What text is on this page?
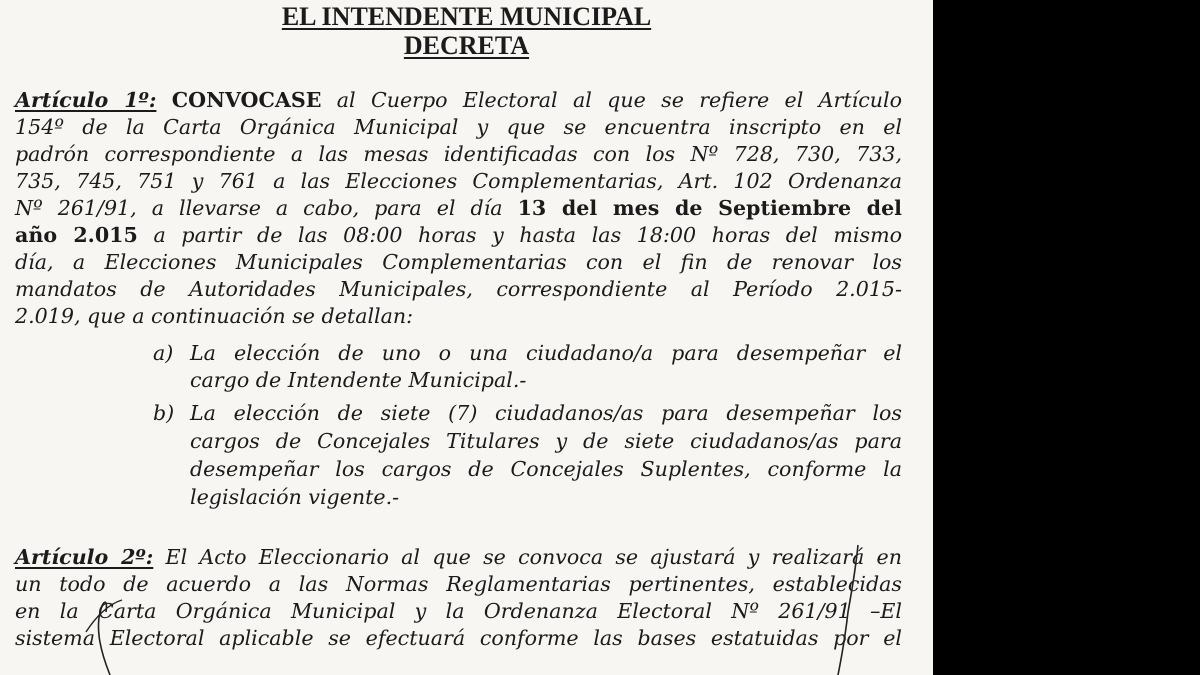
EL INTENDENTE MUNICIPAL
DECRETA
Artículo 1º: CONVOCASE al Cuerpo Electoral al que se refiere el Artículo
154º de la Carta Orgánica Municipal y que se encuentra inscripto en el
padrón correspondiente a las mesas identificadas con los Nº 728, 730, 733,
735, 745, 751 y 761 a las Elecciones Complementarias, Art. 102 Ordenanza
Nº 261/91, a llevarse a cabo, para el día 13 del mes de Septiembre del
año 2.015 a partir de las 08:00 horas y hasta las 18:00 horas del mismo
día, a Elecciones Municipales Complementarias con el fin de renovar los
mandatos de Autoridades Municipales, correspondiente al Período 2.015-
2.019, que a continuación se detallan:
a) La elección de uno o una ciudadano/a para desempeñar el
cargo de Intendente Municipal.-
b) La elección de siete (7) ciudadanos/as para desempeñar los
cargos de Concejales Titulares y de siete ciudadanos/as para
desempeñar los cargos de Concejales Suplentes, conforme la
legislación vigente.-
Artículo 2º: El Acto Eleccionario al que se convoca se ajustará y realizará en
un todo de acuerdo a las Normas Reglamentarias pertinentes, establecidas
en la Carta Orgánica Municipal y la Ordenanza Electoral Nº 261/91 –El
sistema Electoral aplicable se efectuará conforme las bases estatuidas por el
